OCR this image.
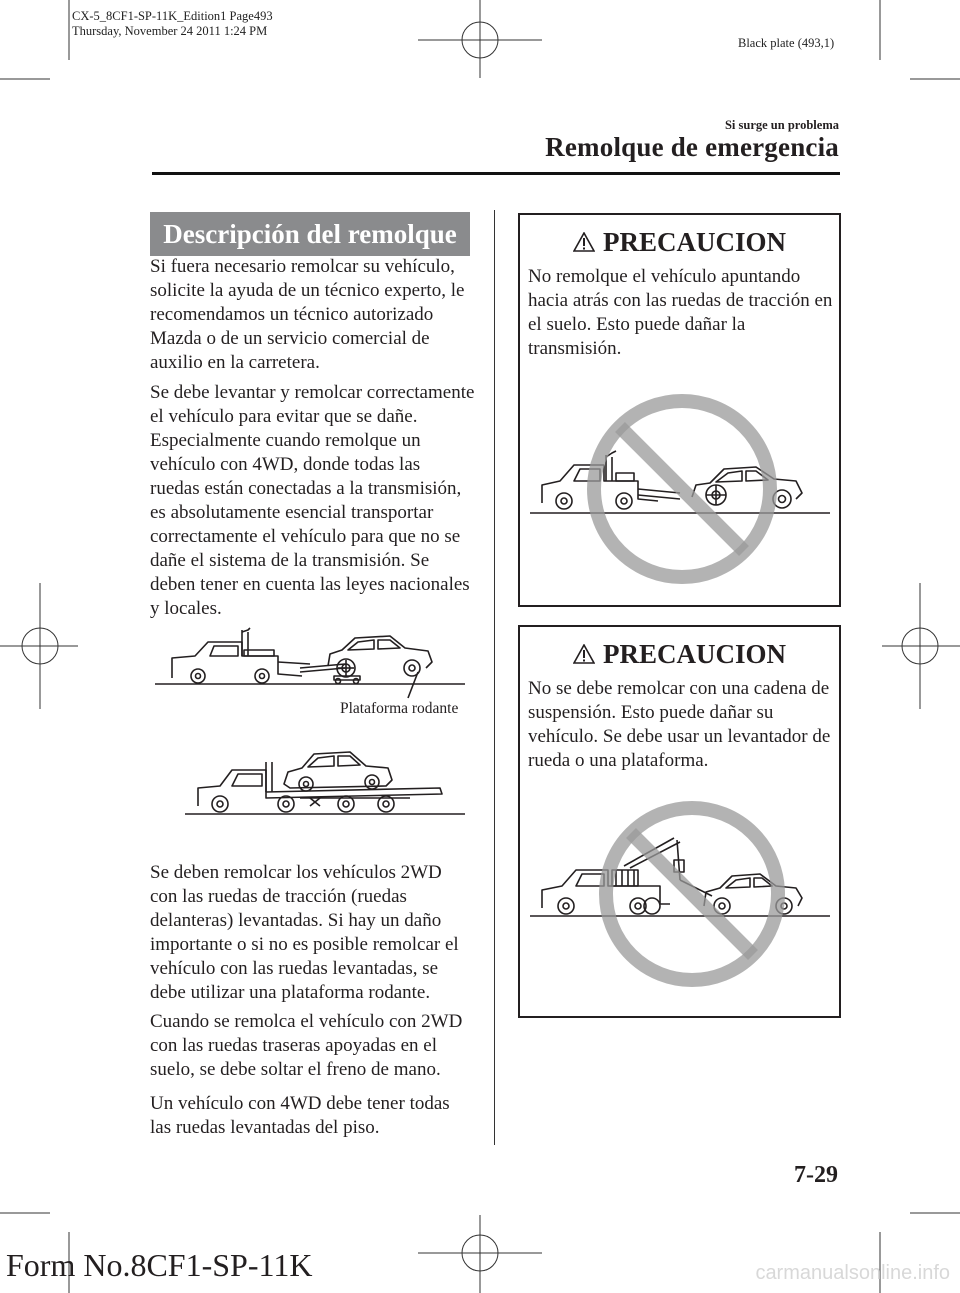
CX-5_8CF1-SP-11K_Edition1 Page493
Thursday, November 24 2011 1:24 PM
Black plate (493,1)
Si surge un problema
Remolque de emergencia
Descripción del remolque
Si fuera necesario remolcar su vehículo,
solicite la ayuda de un técnico experto, le
recomendamos un técnico autorizado
Mazda o de un servicio comercial de
auxilio en la carretera.
Se debe levantar y remolcar correctamente
el vehículo para evitar que se dañe.
Especialmente cuando remolque un
vehículo con 4WD, donde todas las
ruedas están conectadas a la transmisión,
es absolutamente esencial transportar
correctamente el vehículo para que no se
dañe el sistema de la transmisión. Se
deben tener en cuenta las leyes nacionales
y locales.
Plataforma rodante
Se deben remolcar los vehículos 2WD
con las ruedas de tracción (ruedas
delanteras) levantadas. Si hay un daño
importante o si no es posible remolcar el
vehículo con las ruedas levantadas, se
debe utilizar una plataforma rodante.
Cuando se remolca el vehículo con 2WD
con las ruedas traseras apoyadas en el
suelo, se debe soltar el freno de mano.
Un vehículo con 4WD debe tener todas
las ruedas levantadas del piso.
PRECAUCION
No remolque el vehículo apuntando
hacia atrás con las ruedas de tracción en
el suelo. Esto puede dañar la
transmisión.
PRECAUCION
No se debe remolcar con una cadena de
suspensión. Esto puede dañar su
vehículo. Se debe usar un levantador de
rueda o una plataforma.
7-29
Form No.8CF1-SP-11K	carmanualsonline.info
